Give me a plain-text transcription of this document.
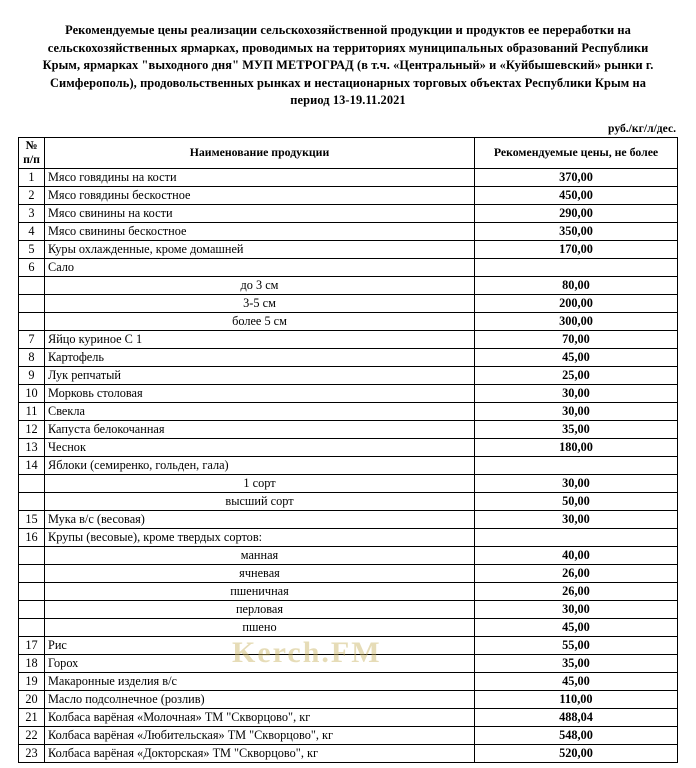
Рекомендуемые цены реализации сельскохозяйственной продукции и продуктов ее переработки на сельскохозяйственных ярмарках, проводимых на территориях муниципальных образований Республики Крым, ярмарках "выходного дня" МУП МЕТРОГРАД (в т.ч. «Центральный» и «Куйбышевский» рынки г. Симферополь), продовольственных рынках и нестационарных торговых объектах Республики Крым на период 13-19.11.2021
руб./кг/л/дес.
№ п/п	Наименование продукции	Рекомендуемые цены, не более
1	Мясо говядины на кости	370,00
2	Мясо говядины бескостное	450,00
3	Мясо свинины на кости	290,00
4	Мясо свинины бескостное	350,00
5	Куры охлажденные, кроме домашней	170,00
6	Сало	
	до 3 см	80,00
	3-5 см	200,00
	более 5 см	300,00
7	Яйцо куриное С 1	70,00
8	Картофель	45,00
9	Лук репчатый	25,00
10	Морковь столовая	30,00
11	Свекла	30,00
12	Капуста белокочанная	35,00
13	Чеснок	180,00
14	Яблоки (семиренко, гольден, гала)	
	1 сорт	30,00
	высший сорт	50,00
15	Мука в/с (весовая)	30,00
16	Крупы (весовые), кроме твердых сортов:	
	манная	40,00
	ячневая	26,00
	пшеничная	26,00
	перловая	30,00
	пшено	45,00
17	Рис	55,00
18	Горох	35,00
19	Макаронные изделия в/с	45,00
20	Масло подсолнечное (розлив)	110,00
21	Колбаса варёная «Молочная» ТМ "Скворцово", кг	488,04
22	Колбаса варёная «Любительская» ТМ "Скворцово", кг	548,00
23	Колбаса варёная «Докторская» ТМ "Скворцово", кг	520,00
Kerch.FM
